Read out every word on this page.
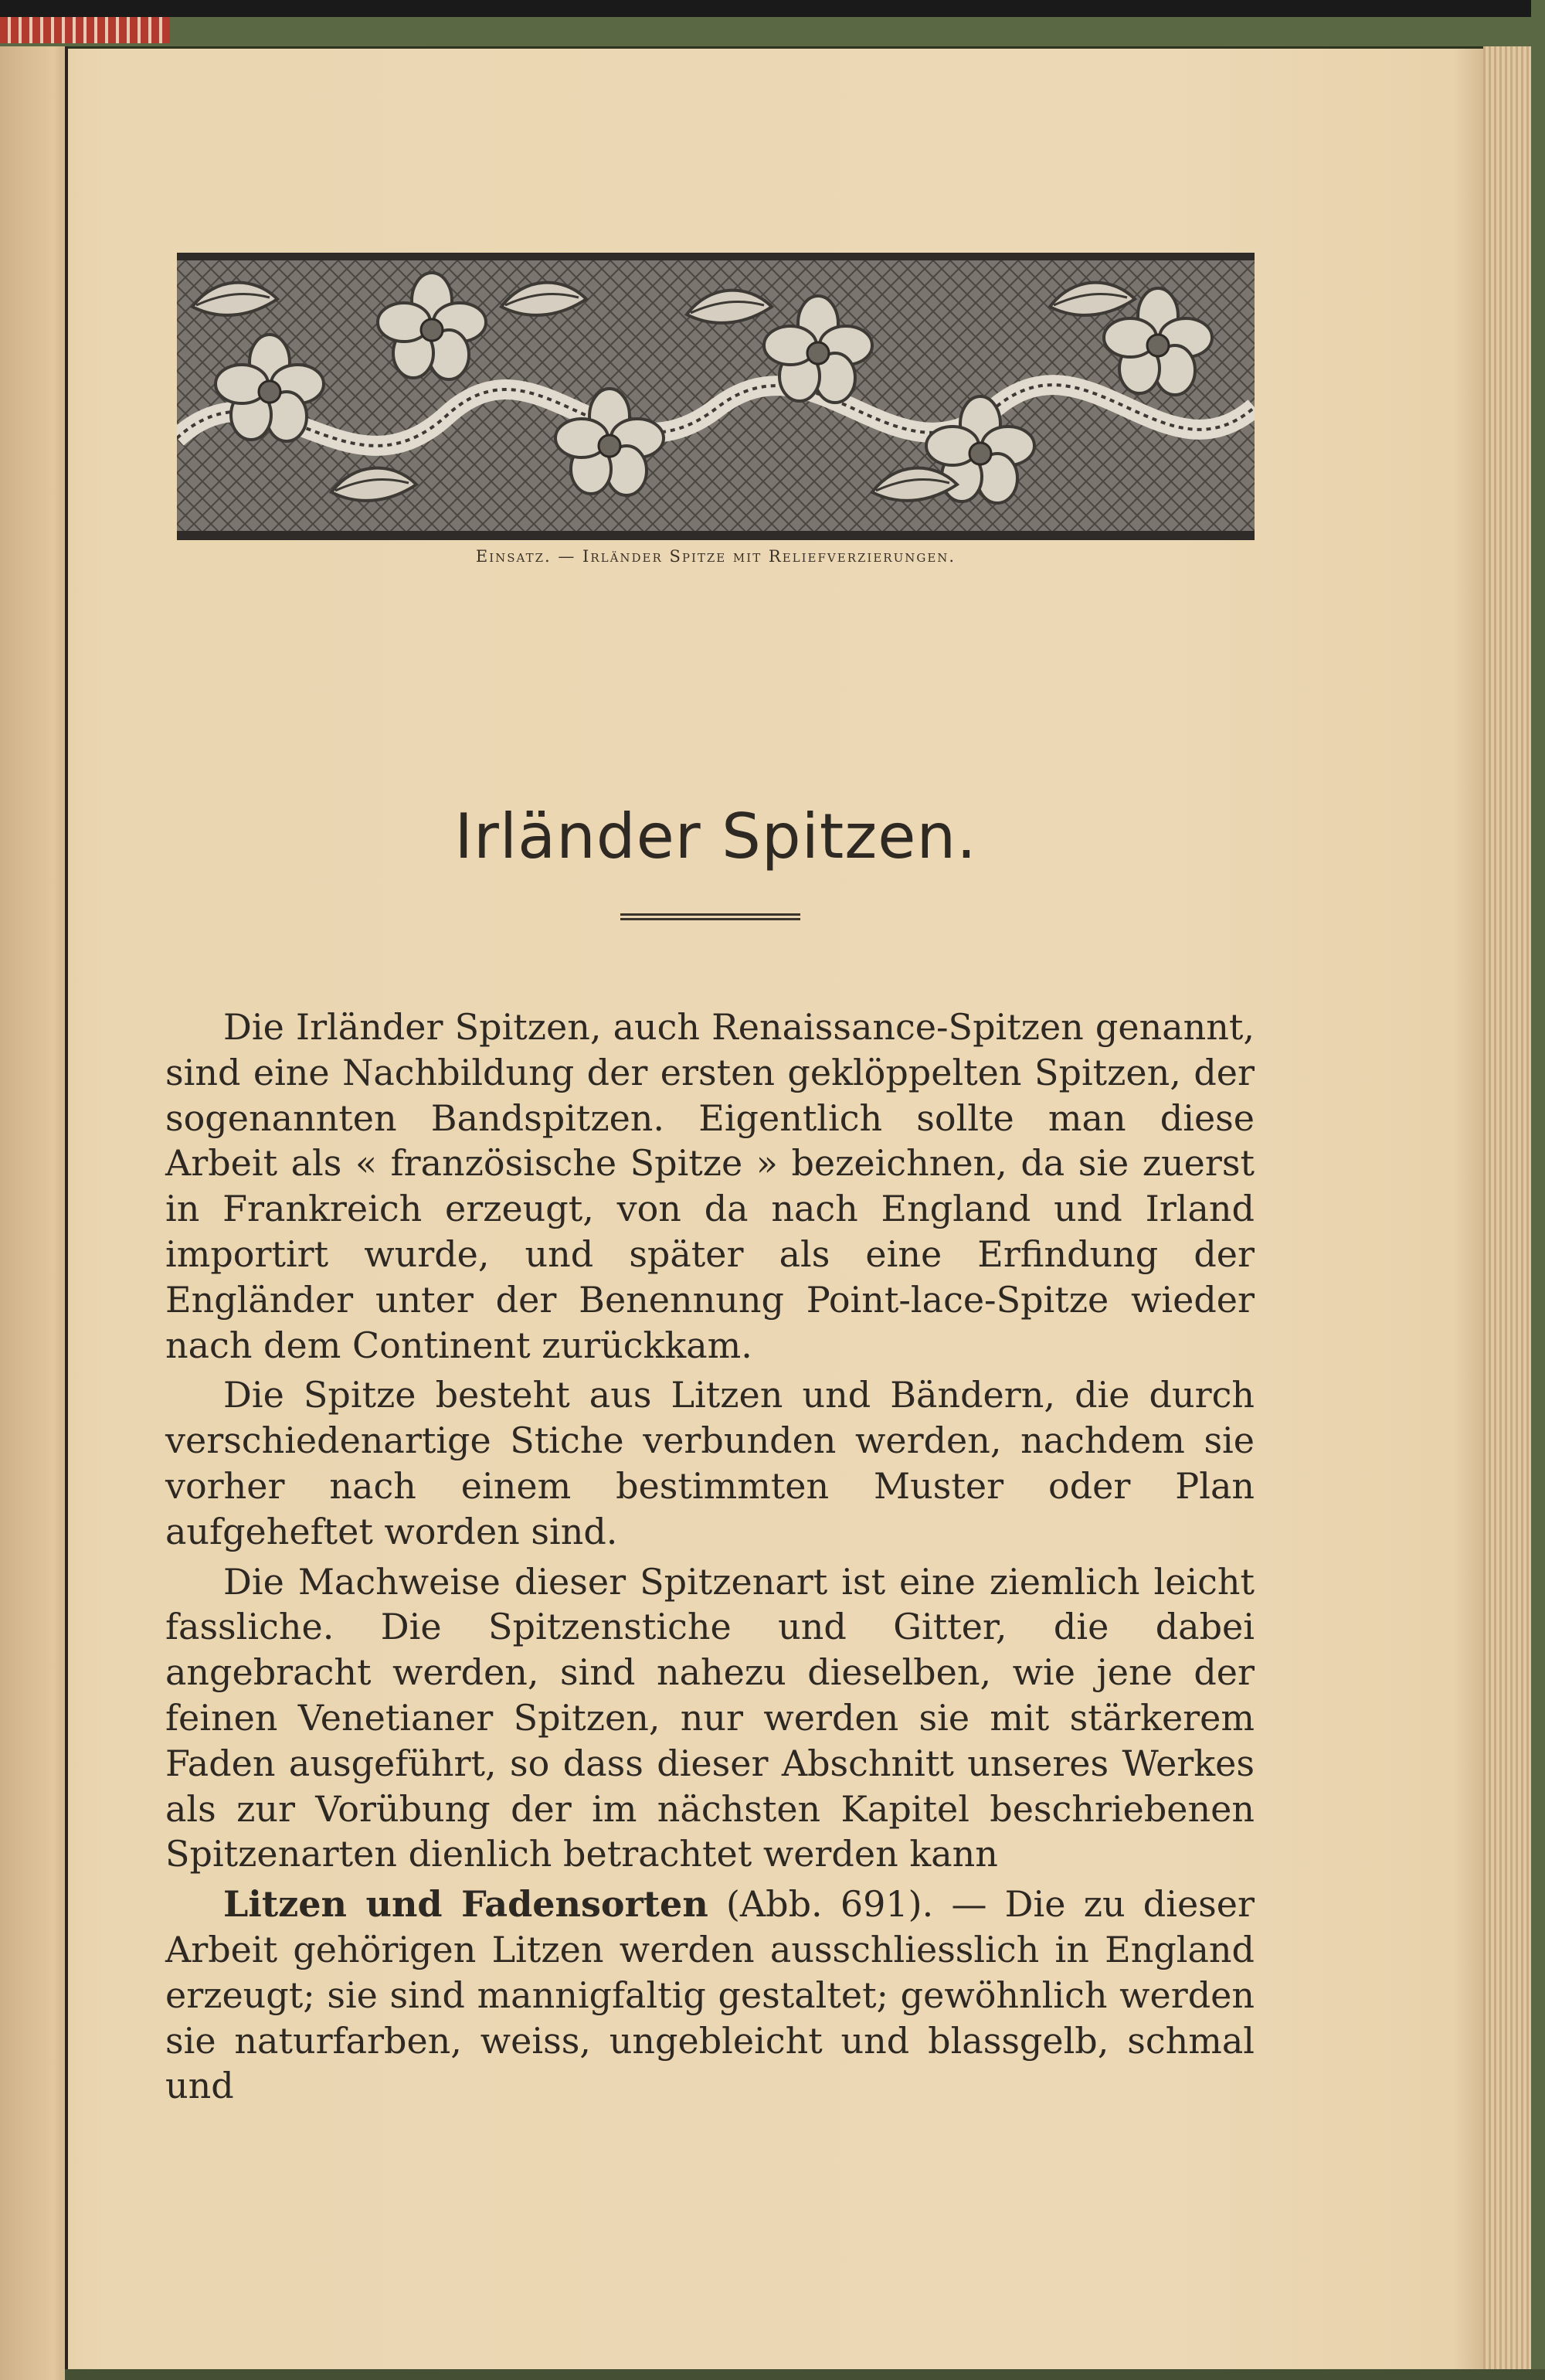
Einsatz. — Irländer Spitze mit Reliefverzierungen.
Irländer Spitzen.

Die Irländer Spitzen, auch Renaissance-Spitzen genannt, sind eine Nachbildung der ersten geklöppelten Spitzen, der sogenannten Bandspitzen. Eigentlich sollte man diese Arbeit als « französische Spitze » bezeichnen, da sie zuerst in Frankreich erzeugt, von da nach England und Irland importirt wurde, und später als eine Erfindung der Engländer unter der Benennung Point-lace-Spitze wieder nach dem Continent zurückkam.

Die Spitze besteht aus Litzen und Bändern, die durch verschiedenartige Stiche verbunden werden, nachdem sie vorher nach einem bestimmten Muster oder Plan aufgeheftet worden sind.

Die Machweise dieser Spitzenart ist eine ziemlich leicht fassliche. Die Spitzenstiche und Gitter, die dabei angebracht werden, sind nahezu dieselben, wie jene der feinen Venetianer Spitzen, nur werden sie mit stärkerem Faden ausgeführt, so dass dieser Abschnitt unseres Werkes als zur Vorübung der im nächsten Kapitel beschriebenen Spitzenarten dienlich betrachtet werden kann

Litzen und Fadensorten (Abb. 691). — Die zu dieser Arbeit gehörigen Litzen werden ausschliesslich in England erzeugt; sie sind mannigfaltig gestaltet; gewöhnlich werden sie naturfarben, weiss, ungebleicht und blassgelb, schmal und
